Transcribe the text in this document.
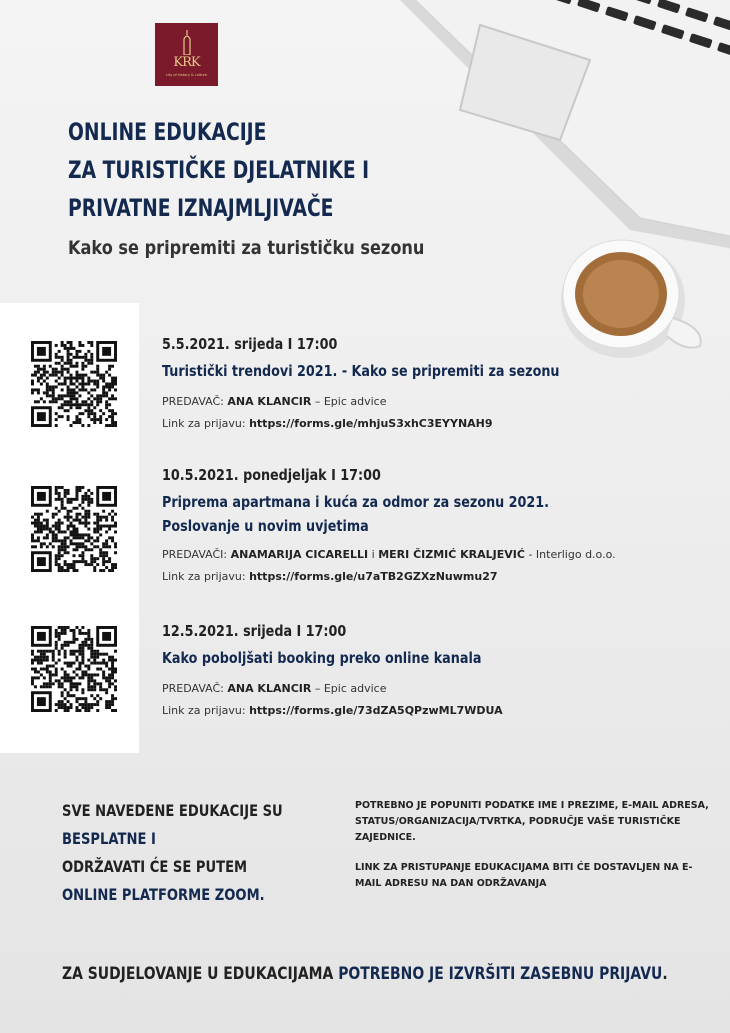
KRK
city of history & culture
ONLINE EDUKACIJE
ZA TURISTIČKE DJELATNIKE I
PRIVATNE IZNAJMLJIVAČE

Kako se pripremiti za turističku sezonu

5.5.2021. srijeda I 17:00

Turistički trendovi 2021. - Kako se pripremiti za sezonu

PREDAVAČ: ANA KLANCIR – Epic advice

Link za prijavu: https://forms.gle/mhjuS3xhC3EYYNAH9

10.5.2021. ponedjeljak I 17:00

Priprema apartmana i kuća za odmor za sezonu 2021.

Poslovanje u novim uvjetima

PREDAVAČI: ANAMARIJA CICARELLI i MERI ČIZMIĆ KRALJEVIĆ - Interligo d.o.o.

Link za prijavu: https://forms.gle/u7aTB2GZXzNuwmu27

12.5.2021. srijeda I 17:00

Kako poboljšati booking preko online kanala

PREDAVAČ: ANA KLANCIR – Epic advice

Link za prijavu: https://forms.gle/73dZA5QPzwML7WDUA

SVE NAVEDENE EDUKACIJE SU
BESPLATNE I
ODRŽAVATI ĆE SE PUTEM
ONLINE PLATFORME ZOOM.

POTREBNO JE POPUNITI PODATKE IME I PREZIME, E-MAIL ADRESA, STATUS/ORGANIZACIJA/TVRTKA, PODRUČJE VAŠE TURISTIČKE ZAJEDNICE.

LINK ZA PRISTUPANJE EDUKACIJAMA BITI ĆE DOSTAVLJEN NA E-MAIL ADRESU NA DAN ODRŽAVANJA

ZA SUDJELOVANJE U EDUKACIJAMA POTREBNO JE IZVRŠITI ZASEBNU PRIJAVU.
